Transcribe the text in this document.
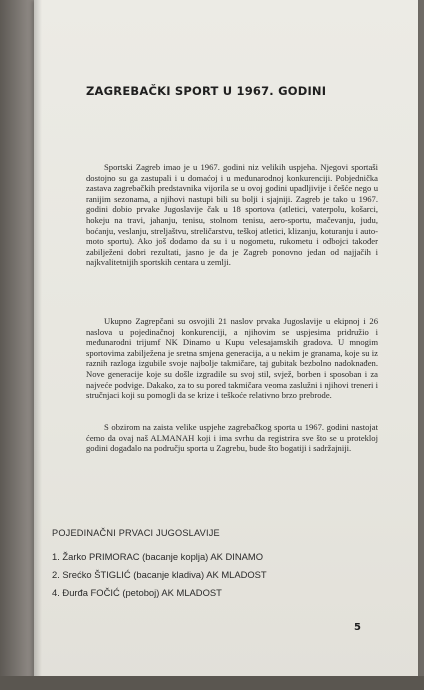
ZAGREBAČKI SPORT U 1967. GODINI

Sportski Zagreb imao je u 1967. godini niz velikih uspjeha. Njegovi sportaši dostojno su ga zastupali i u domaćoj i u međunarodnoj konkurenciji. Pobjednička zastava zagrebačkih predstavnika vijorila se u ovoj godini upadljivije i češće nego u ranijim sezonama, a njihovi nastupi bili su bolji i sjajniji. Zagreb je tako u 1967. godini dobio prvake Jugoslavije čak u 18 sportova (atletici, vaterpolu, košarci, hokeju na travi, jahanju, tenisu, stolnom tenisu, aero-sportu, mačevanju, judu, boćanju, veslanju, streljaštvu, streličarstvu, teškoj atletici, klizanju, koturanju i auto-moto sportu). Ako još dodamo da su i u nogometu, rukometu i odbojci također zabilježeni dobri rezultati, jasno je da je Zagreb ponovno jedan od najjačih i najkvalitetnijih sportskih centara u zemlji.

Ukupno Zagrepčani su osvojili 21 naslov prvaka Jugoslavije u ekipnoj i 26 naslova u pojedinačnoj konkurenciji, a njihovim se uspjesima pridružio i međunarodni trijumf NK Dinamo u Kupu velesajamskih gradova. U mnogim sportovima zabilježena je sretna smjena generacija, a u nekim je granama, koje su iz raznih razloga izgubile svoje najbolje takmičare, taj gubitak bezbolno nadoknađen. Nove generacije koje su došle izgradile su svoj stil, svjež, borben i sposoban i za najveće podvige. Dakako, za to su pored takmičara veoma zaslužni i njihovi treneri i stručnjaci koji su pomogli da se krize i teškoće relativno brzo prebrode.

S obzirom na zaista velike uspjehe zagrebačkog sporta u 1967. godini nastojat ćemo da ovaj naš ALMANAH koji i ima svrhu da registrira sve što se u protekloj godini događalo na području sporta u Zagrebu, bude što bogatiji i sadržajniji.

POJEDINAČNI PRVACI JUGOSLAVIJE
1. Žarko PRIMORAC (bacanje koplja) AK DINAMO
2. Srećko ŠTIGLIĆ (bacanje kladiva) AK MLADOST
4. Đurđa FOČIĆ (petoboj) AK MLADOST
5
